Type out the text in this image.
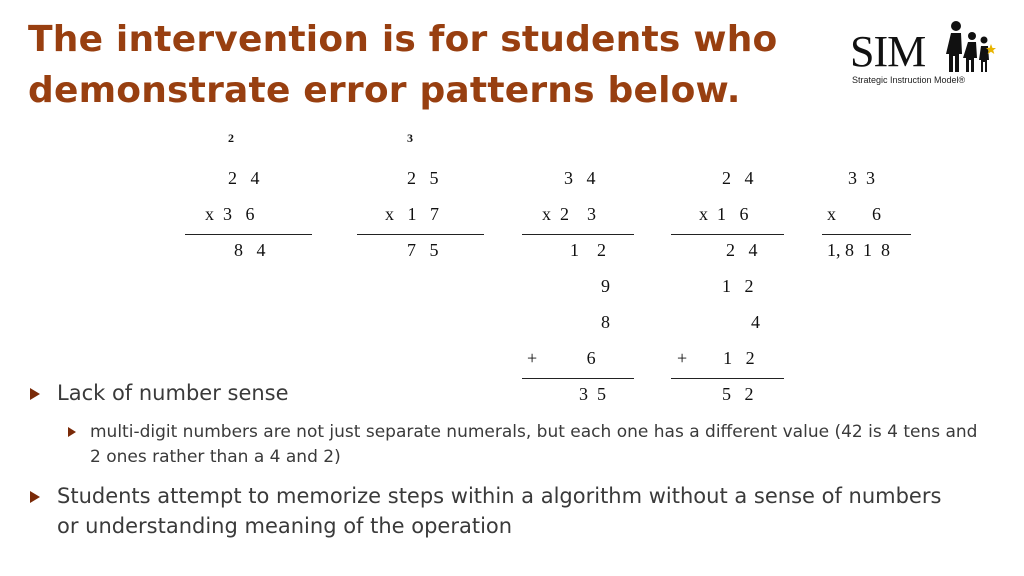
The intervention is for students who
demonstrate error patterns below.
SIM
Strategic Instruction Model®
2
2   4
x  3   6
8   4
3
2   5
x   1   7
7   5
3   4
x  2    3
1    2
9
8
+           6
3  5
2   4
x  1   6
2   4
1   2
4
+        1   2
5   2
3  3
x        6
1, 8  1  8

Lack of number sense

multi-digit numbers are not just separate numerals, but each one has a different value (42 is 4 tens and 2 ones rather than a 4 and 2)

Students attempt to memorize steps within a algorithm without a sense of numbers or understanding meaning of the operation
